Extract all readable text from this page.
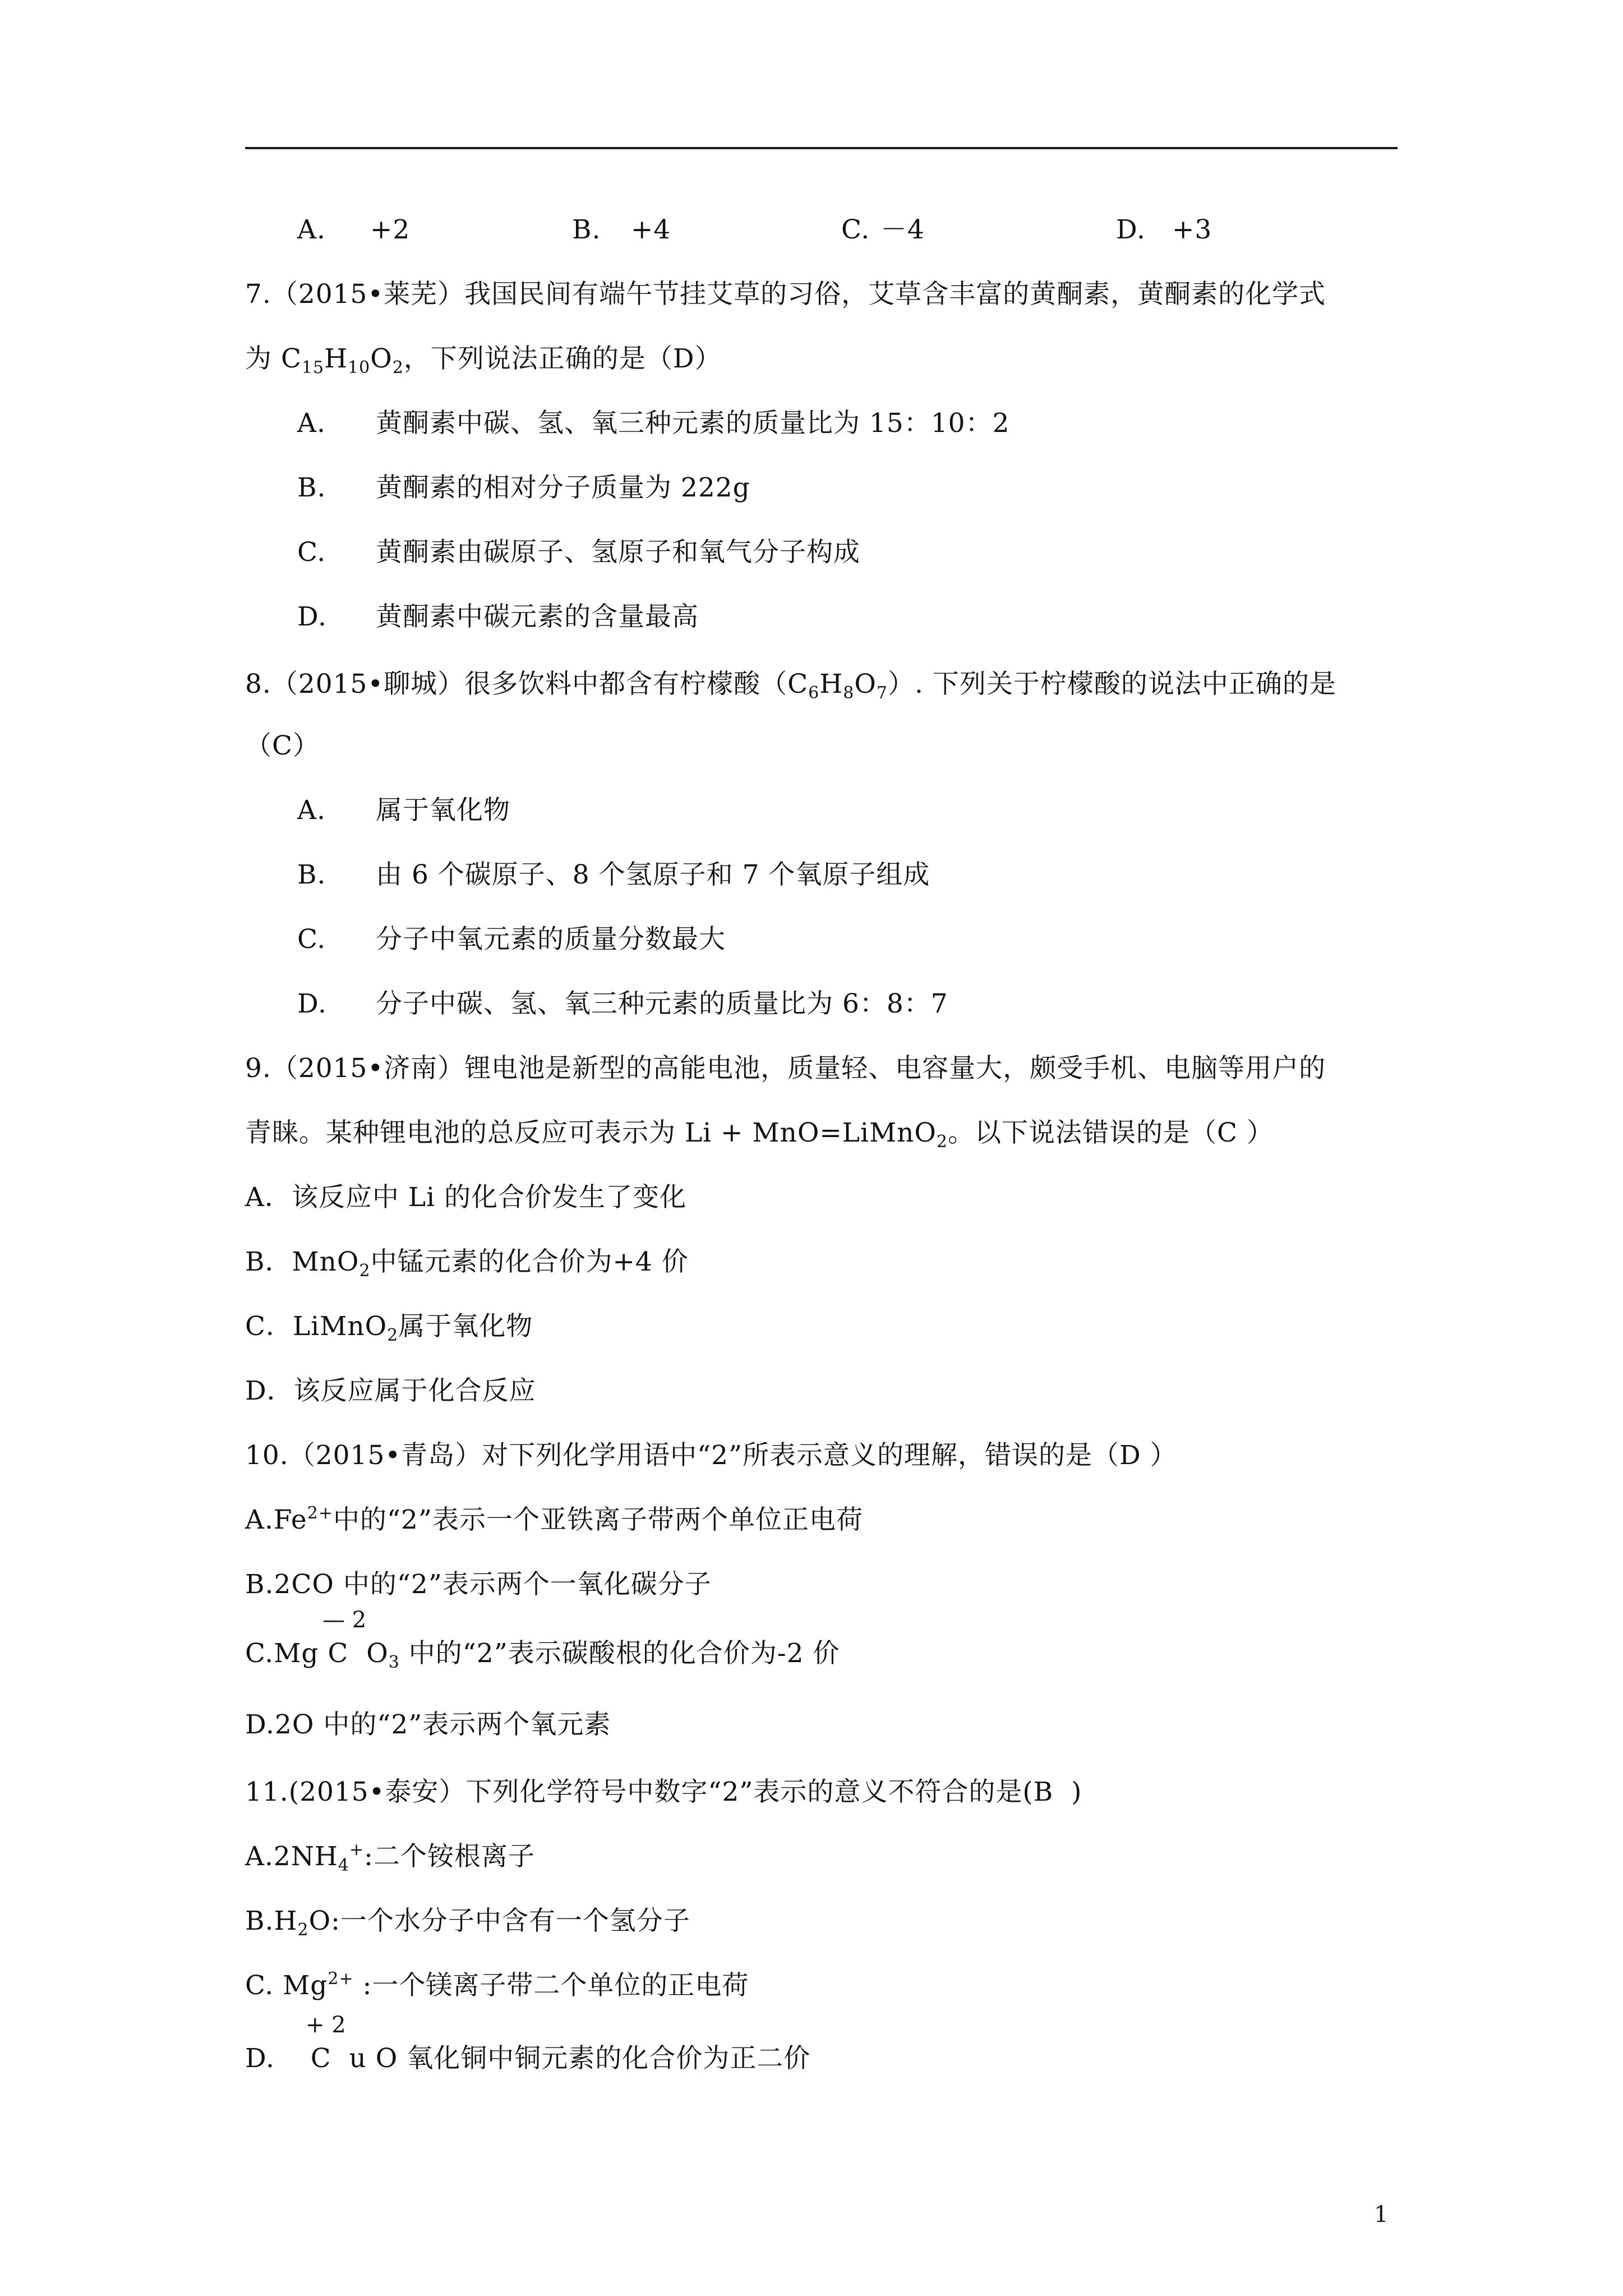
A.

+2

	B.

+4

	C.

－4

	D.

+3

7.（2015•莱芜）我国民间有端午节挂艾草的习俗，艾草含丰富的黄酮素，黄酮素的化学式
为 $C_{15}H_{10}O_2$，下列说法正确的是（D）
A. 黄酮素中碳、氢、氧三种元素的质量比为 15：10：2
B. 黄酮素的相对分子质量为 222g
C. 黄酮素由碳原子、氢原子和氧气分子构成
D. 黄酮素中碳元素的含量最高
8.（2015•聊城）很多饮料中都含有柠檬酸$(C_6H_8O_7)$. 下列关于柠檬酸的说法中正确的是
（C）
A. 属于氧化物
B. 由 6 个碳原子、8 个氢原子和 7 个氧原子组成
C. 分子中氧元素的质量分数最大
D. 分子中碳、氢、氧三种元素的质量比为 6：8：7
9.（2015•济南）锂电池是新型的高能电池，质量轻、电容量大，颇受手机、电脑等用户的
青睐。某种锂电池的总反应可表示为 Li + MnO=LiMnO$_2$。以下说法错误的是（C ）
A．该反应中 Li 的化合价发生了变化
B．MnO$_2$中锰元素的化合价为+4 价
C．LiMnO$_2$属于氧化物
D．该反应属于化合反应
10.（2015•青岛）对下列化学用语中“2”所表示意义的理解，错误的是（D ）
$A.Fe^{2+}$中的“2”表示一个亚铁离子带两个单位正电荷
B.2CO 中的“2”表示两个一氧化碳分子
— 2
C.Mg C  $O_3$ 中的“2”表示碳酸根的化合价为-2 价
D.2O 中的“2”表示两个氧元素
11.(2015•泰安）下列化学符号中数字“2”表示的意义不符合的是(B  )
$A.2NH_4^+$:二个铵根离子
$B.H_2O$:一个水分子中含有一个氢分子
C. $Mg^{2+}$ :一个镁离子带二个单位的正电荷
+ 2
D.    C  u O 氧化铜中铜元素的化合价为正二价
1
